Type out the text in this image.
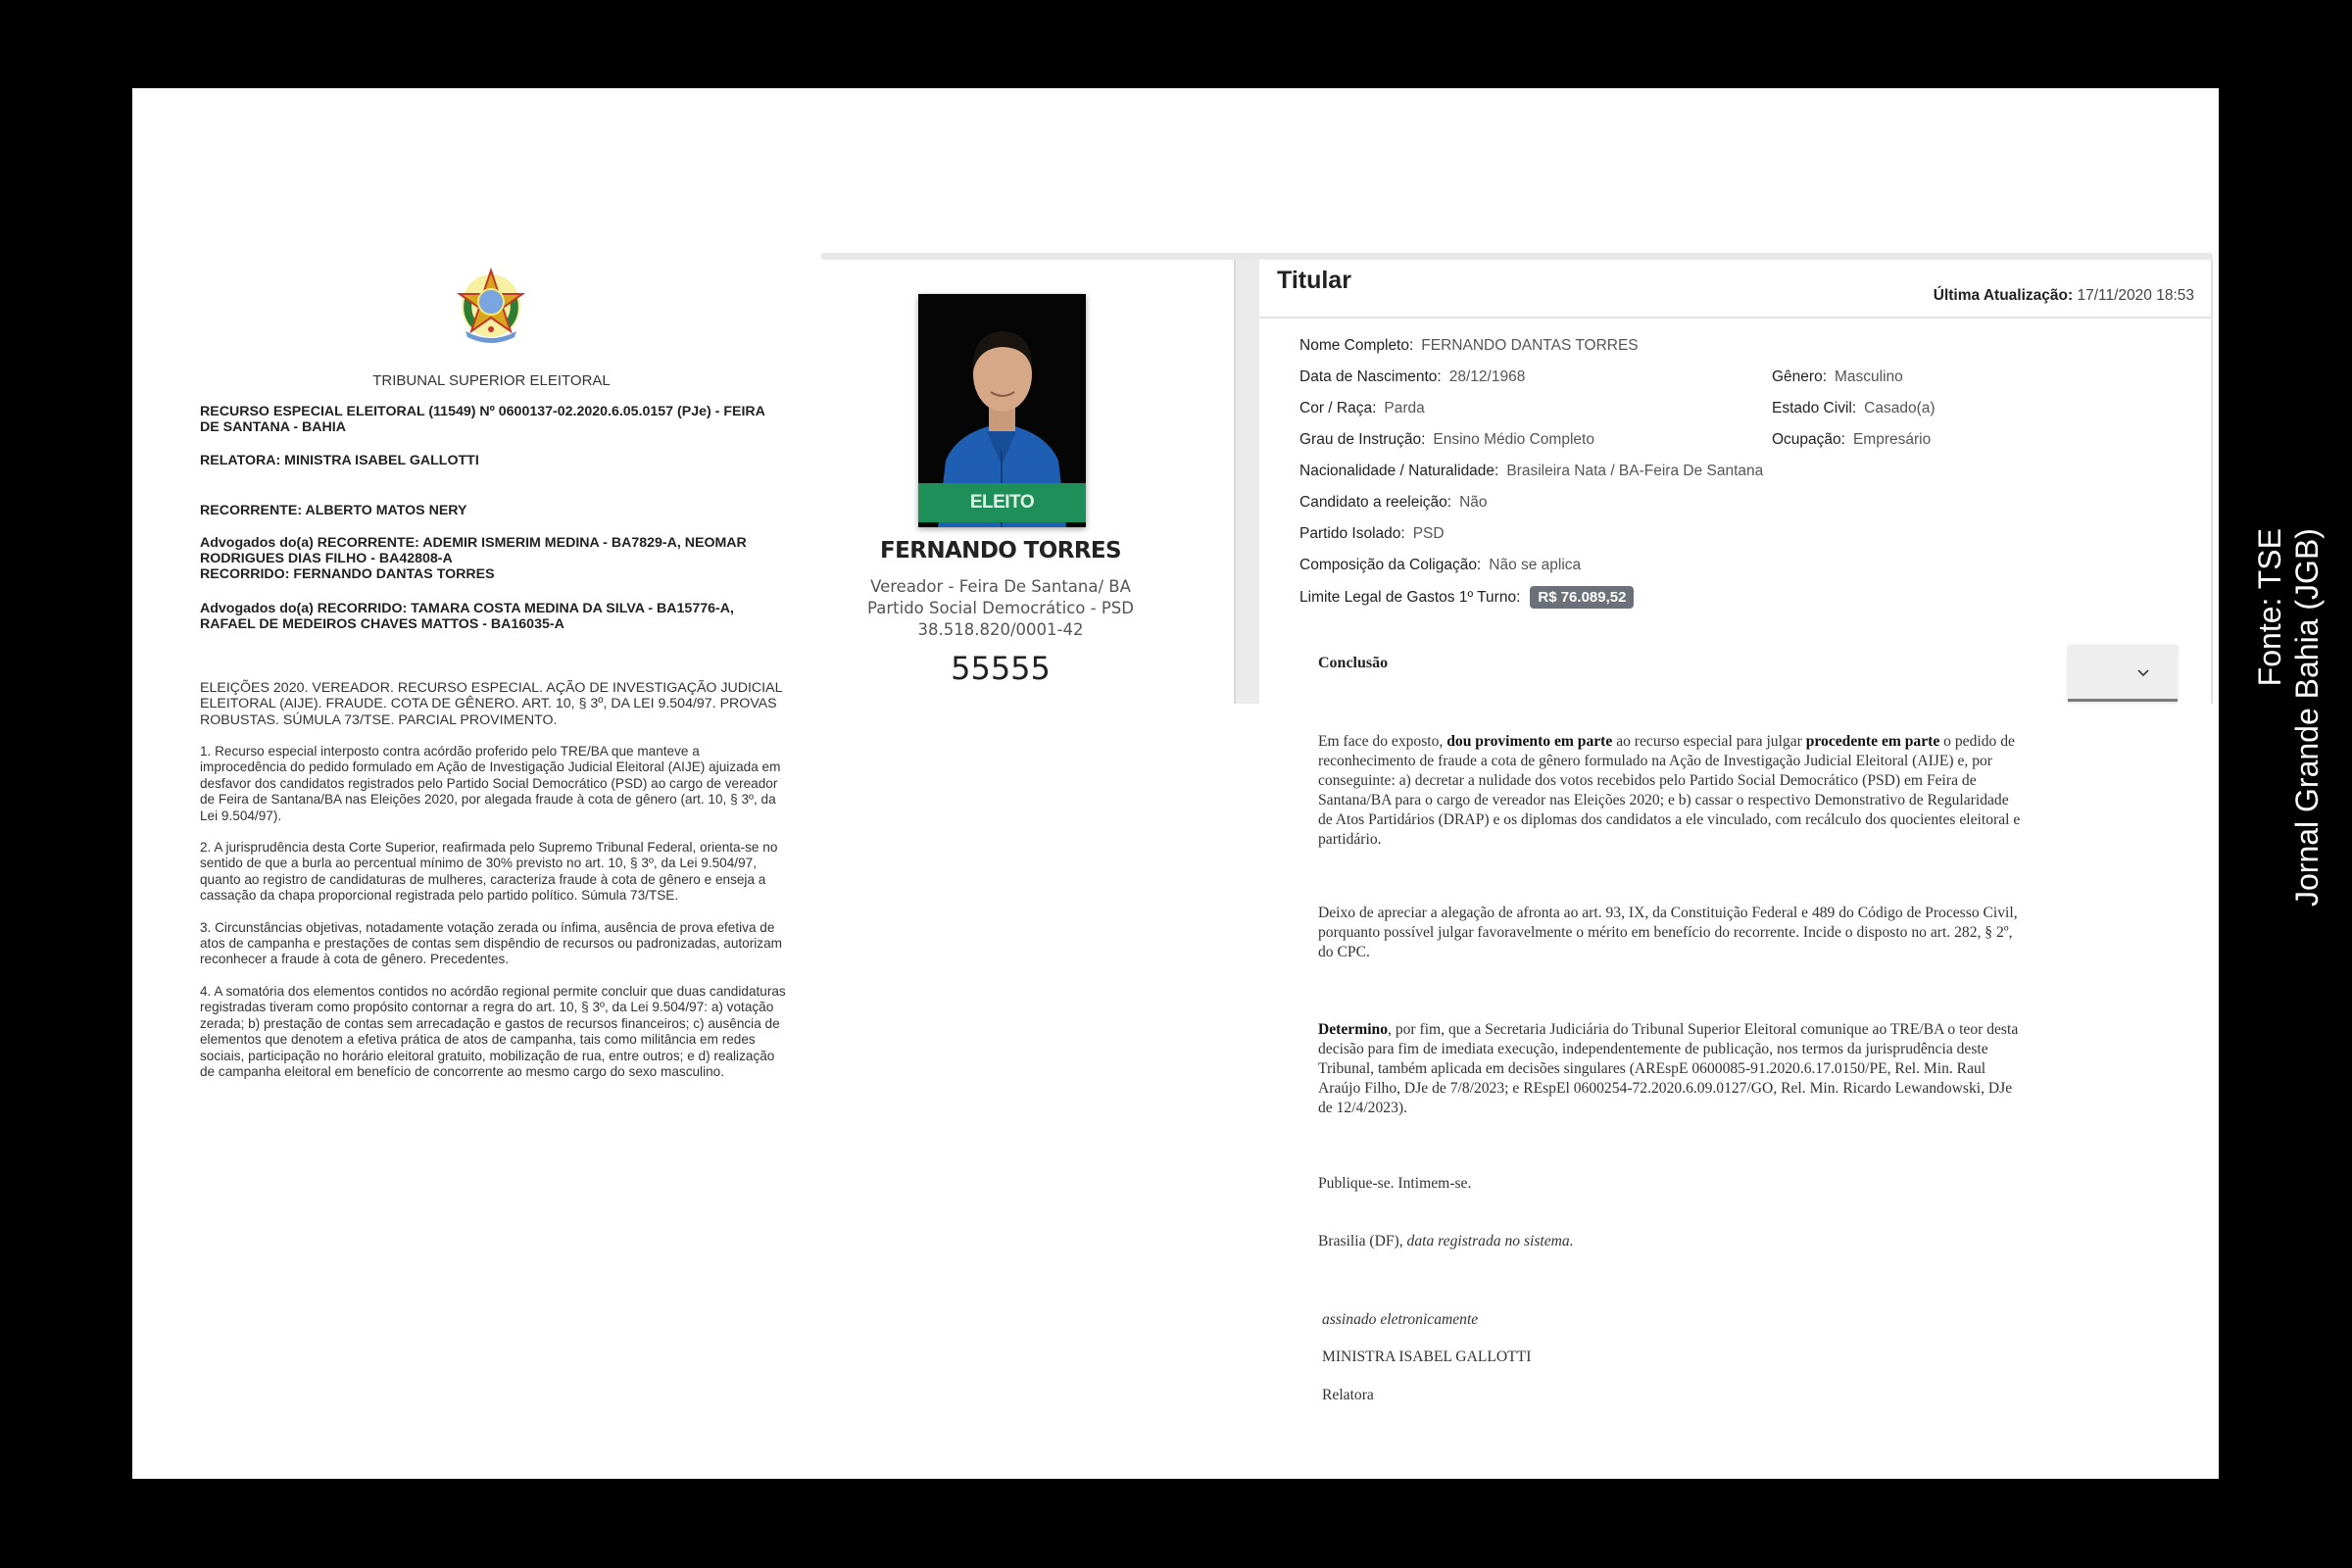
TRIBUNAL SUPERIOR ELEITORAL
RECURSO ESPECIAL ELEITORAL (11549) Nº 0600137-02.2020.6.05.0157 (PJe) - FEIRA
DE SANTANA - BAHIA
RELATORA: MINISTRA ISABEL GALLOTTI
RECORRENTE: ALBERTO MATOS NERY
Advogados do(a) RECORRENTE: ADEMIR ISMERIM MEDINA - BA7829-A, NEOMAR
RODRIGUES DIAS FILHO - BA42808-A
RECORRIDO: FERNANDO DANTAS TORRES
Advogados do(a) RECORRIDO: TAMARA COSTA MEDINA DA SILVA - BA15776-A,
RAFAEL DE MEDEIROS CHAVES MATTOS - BA16035-A
ELEIÇÕES 2020. VEREADOR. RECURSO ESPECIAL. AÇÃO DE INVESTIGAÇÃO JUDICIAL ELEITORAL (AIJE). FRAUDE. COTA DE GÊNERO. ART. 10, § 3º, DA LEI 9.504/97. PROVAS ROBUSTAS. SÚMULA 73/TSE. PARCIAL PROVIMENTO.

1. Recurso especial interposto contra acórdão proferido pelo TRE/BA que manteve a improcedência do pedido formulado em Ação de Investigação Judicial Eleitoral (AIJE) ajuizada em desfavor dos candidatos registrados pelo Partido Social Democrático (PSD) ao cargo de vereador de Feira de Santana/BA nas Eleições 2020, por alegada fraude à cota de gênero (art. 10, § 3º, da Lei 9.504/97).

2. A jurisprudência desta Corte Superior, reafirmada pelo Supremo Tribunal Federal, orienta-se no sentido de que a burla ao percentual mínimo de 30% previsto no art. 10, § 3º, da Lei 9.504/97, quanto ao registro de candidaturas de mulheres, caracteriza fraude à cota de gênero e enseja a cassação da chapa proporcional registrada pelo partido político. Súmula 73/TSE.

3. Circunstâncias objetivas, notadamente votação zerada ou ínfima, ausência de prova efetiva de atos de campanha e prestações de contas sem dispêndio de recursos ou padronizadas, autorizam reconhecer a fraude à cota de gênero. Precedentes.

4. A somatória dos elementos contidos no acórdão regional permite concluir que duas candidaturas registradas tiveram como propósito contornar a regra do art. 10, § 3º, da Lei 9.504/97: a) votação zerada; b) prestação de contas sem arrecadação e gastos de recursos financeiros; c) ausência de elementos que denotem a efetiva prática de atos de campanha, tais como militância em redes sociais, participação no horário eleitoral gratuito, mobilização de rua, entre outros; e d) realização de campanha eleitoral em benefício de concorrente ao mesmo cargo do sexo masculino.

ELEITO
FERNANDO TORRES
Vereador - Feira De Santana/ BA
Partido Social Democrático - PSD
38.518.820/0001-42
55555
Titular
Última Atualização: 17/11/2020 18:53
Nome Completo: FERNANDO DANTAS TORRES
Data de Nascimento: 28/12/1968	Gênero: Masculino
Cor / Raça: Parda	Estado Civil: Casado(a)
Grau de Instrução: Ensino Médio Completo	Ocupação: Empresário
Nacionalidade / Naturalidade: Brasileira Nata / BA-Feira De Santana
Candidato a reeleição: Não
Partido Isolado: PSD
Composição da Coligação: Não se aplica
Limite Legal de Gastos 1º Turno: R$ 76.089,52
Conclusão
Em face do exposto, dou provimento em parte ao recurso especial para julgar procedente em parte o pedido de reconhecimento de fraude a cota de gênero formulado na Ação de Investigação Judicial Eleitoral (AIJE) e, por conseguinte: a) decretar a nulidade dos votos recebidos pelo Partido Social Democrático (PSD) em Feira de Santana/BA para o cargo de vereador nas Eleições 2020; e b) cassar o respectivo Demonstrativo de Regularidade de Atos Partidários (DRAP) e os diplomas dos candidatos a ele vinculado, com recálculo dos quocientes eleitoral e partidário.
Deixo de apreciar a alegação de afronta ao art. 93, IX, da Constituição Federal e 489 do Código de Processo Civil, porquanto possível julgar favoravelmente o mérito em benefício do recorrente. Incide o disposto no art. 282, § 2º, do CPC.
Determino, por fim, que a Secretaria Judiciária do Tribunal Superior Eleitoral comunique ao TRE/BA o teor desta decisão para fim de imediata execução, independentemente de publicação, nos termos da jurisprudência deste Tribunal, também aplicada em decisões singulares (AREspE 0600085-91.2020.6.17.0150/PE, Rel. Min. Raul Araújo Filho, DJe de 7/8/2023; e REspEl 0600254-72.2020.6.09.0127/GO, Rel. Min. Ricardo Lewandowski, DJe de 12/4/2023).
Publique-se. Intimem-se.
Brasilia (DF), data registrada no sistema.
assinado eletronicamente
MINISTRA ISABEL GALLOTTI
Relatora
Fonte: TSE Jornal Grande Bahia (JGB)
